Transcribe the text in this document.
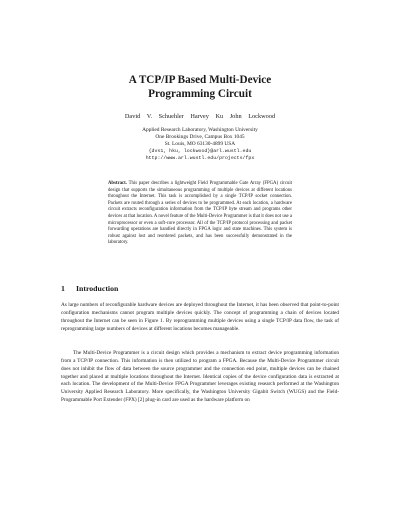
A TCP/IP Based Multi-Device
Programming Circuit
David V. Schuehler Harvey Ku John Lockwood
Applied Research Laboratory, Washington University
One Brookings Drive, Campus Box 1045
St. Louis, MO 63130-4899 USA
{dvs1, hku, lockwood}@arl.wustl.edu
http://www.arl.wustl.edu/projects/fpx

Abstract. This paper describes a lightweight Field Programmable Gate Array (FPGA) circuit design that supports the simultaneous programming of multiple devices at different locations throughout the Internet. This task is accomplished by a single TCP/IP socket connection. Packets are routed through a series of devices to be programmed. At each location, a hardware circuit extracts reconfiguration information from the TCP/IP byte stream and programs other devices at that location. A novel feature of the Multi-Device Programmer is that it does not use a microprocessor or even a soft-core processor. All of the TCP/IP protocol processing and packet forwarding operations are handled directly in FPGA logic and state machines. This system is robust against lost and reordered packets, and has been successfully demonstrated in the laboratory.

1 Introduction

As large numbers of reconfigurable hardware devices are deployed throughout the Internet, it has been observed that point-to-point configuration mechanisms cannot program multiple devices quickly. The concept of programming a chain of devices located throughout the Internet can be seen in Figure 1. By reprogramming multiple devices using a single TCP/IP data flow, the task of reprogramming large numbers of devices at different locations becomes manageable.

The Multi-Device Programmer is a circuit design which provides a mechanism to extract device programming information from a TCP/IP connection. This information is then utilized to program a FPGA. Because the Multi-Device Programmer circuit does not inhibit the flow of data between the source programmer and the connection end point, multiple devices can be chained together and placed at multiple locations throughout the Internet. Identical copies of the device configuration data is extracted at each location. The development of the Multi-Device FPGA Programmer leverages existing research performed at the Washington University Applied Research Laboratory. More specifically, the Washington University Gigabit Switch (WUGS) and the Field-Programmable Port Extender (FPX) [2] plug-in card are used as the hardware platform on
